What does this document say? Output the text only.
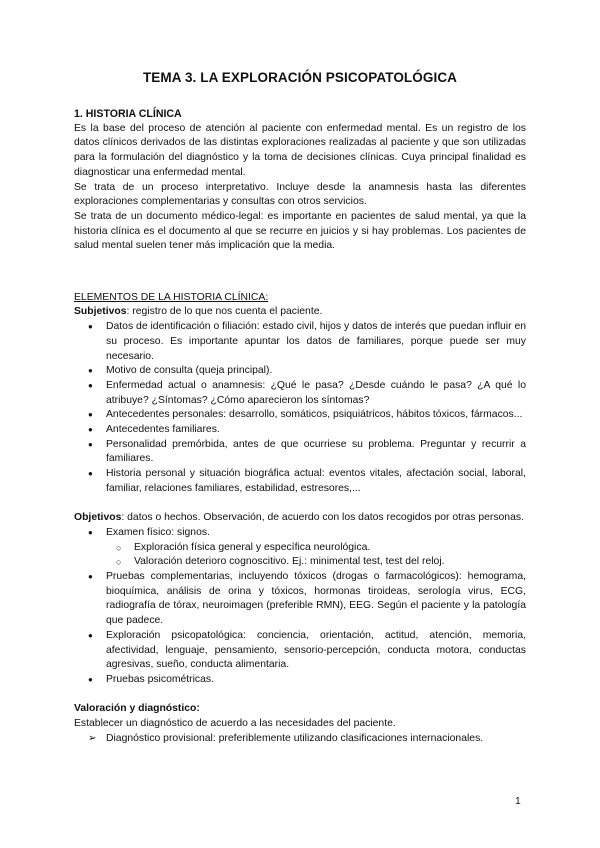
TEMA 3. LA EXPLORACIÓN PSICOPATOLÓGICA
1. HISTORIA CLÍNICA

Es la base del proceso de atención al paciente con enfermedad mental. Es un registro de los datos clínicos derivados de las distintas exploraciones realizadas al paciente y que son utilizadas para la formulación del diagnóstico y la toma de decisiones clínicas. Cuya principal finalidad es diagnosticar una enfermedad mental.

Se trata de un proceso interpretativo. Incluye desde la anamnesis hasta las diferentes exploraciones complementarias y consultas con otros servicios.

Se trata de un documento médico-legal: es importante en pacientes de salud mental, ya que la historia clínica es el documento al que se recurre en juicios y si hay problemas. Los pacientes de salud mental suelen tener más implicación que la media.

ELEMENTOS DE LA HISTORIA CLÍNICA:

Subjetivos: registro de lo que nos cuenta el paciente.

● Datos de identificación o filiación: estado civil, hijos y datos de interés que puedan influir en su proceso. Es importante apuntar los datos de familiares, porque puede ser muy necesario.
● Motivo de consulta (queja principal).
● Enfermedad actual o anamnesis: ¿Qué le pasa? ¿Desde cuándo le pasa? ¿A qué lo atribuye? ¿Síntomas? ¿Cómo aparecieron los síntomas?
● Antecedentes personales: desarrollo, somáticos, psiquiátricos, hábitos tóxicos, fármacos...
● Antecedentes familiares.
● Personalidad premórbida, antes de que ocurriese su problema. Preguntar y recurrir a familiares.
● Historia personal y situación biográfica actual: eventos vitales, afectación social, laboral, familiar, relaciones familiares, estabilidad, estresores,...

Objetivos: datos o hechos. Observación, de acuerdo con los datos recogidos por otras personas.

● Examen físico: signos.
○ Exploración física general y específica neurológica.
○ Valoración deterioro cognoscitivo. Ej.: minimental test, test del reloj.
● Pruebas complementarias, incluyendo tóxicos (drogas o farmacológicos): hemograma, bioquímica, análisis de orina y tóxicos, hormonas tiroideas, serología virus, ECG, radiografía de tórax, neuroimagen (preferible RMN), EEG. Según el paciente y la patología que padece.
● Exploración psicopatológica: conciencia, orientación, actitud, atención, memoria, afectividad, lenguaje, pensamiento, sensorio-percepción, conducta motora, conductas agresivas, sueño, conducta alimentaria.
● Pruebas psicométricas.

Valoración y diagnóstico:

Establecer un diagnóstico de acuerdo a las necesidades del paciente.

➢ Diagnóstico provisional: preferiblemente utilizando clasificaciones internacionales.
1
